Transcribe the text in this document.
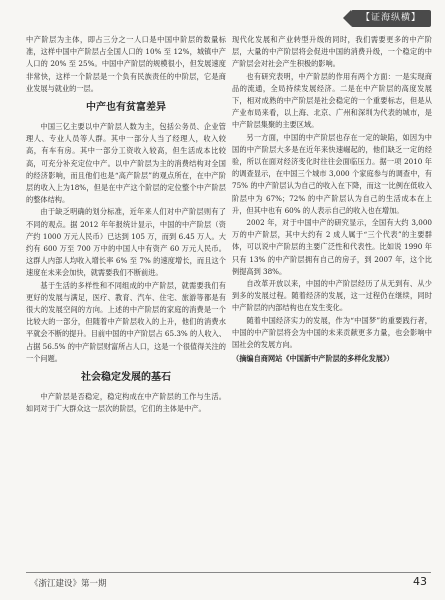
【证海纵横】

中产阶层为主体，即占三分之一人口是中国中阶层的数量标准，这样中国中产阶层占全国人口的 10% 至 12%，城镇中产人口的 20% 至 25%。中国中产阶层的规模很小，但发展速度非常快，这样一个阶层是一个负有民族责任的中阶层，它是商业发展与就业的一层。

中产也有贫富差异

中国三亿主要以中产阶层人数为主，包括公务员、企业管理人、专业人员等人群。其中一部分人当了经理人，收入较高，有车有房。其中一部分工资收入较高，但生活成本比较高，可充分补充定位中产。以中产阶层为主的消费结构对全国的经济影响，而且他们也是“高产阶层”的观点所在，在中产阶层的收入上为18%，但是在中产这个阶层的定位整个中产阶层的整体结构。

由于缺乏明确的划分标准，近年来人们对中产阶层则有了不同的观点。据 2012 年年报统计显示，中国的中产阶层（资产约 1000 万元人民币）已达到 105 万，而到 6.45 万人。大约有 600 万至 700 万中的中国人中有资产 60 万元人民币。这群人内部人均收入增长率 6% 至 7% 的速度增长，而且这个速度在未来会加快，就需要我们不断前进。

基于生活的多样性和不同组成的中产阶层，就需要我们有更好的发展与满足，医疗、教育、汽车、住宅、旅游等都是有很大的发展空间的方向。上述的中产阶层的家庭的消费是一个比较大的一部分，但随着中产阶层收入的上升，他们的消费水平就会不断的提升。目前中国的中产阶层占 65.3% 的人收入、占据 56.5% 的中产阶层财富所占人口，这是一个很值得关注的一个问题。

社会稳定发展的基石

中产阶层是否稳定，稳定构成在中产阶层的工作与生活。如同对于广大群众这一层次的阶层，它们的主体是中产。

现代化发展和产业转型升级的同时，我们需要更多的中产阶层，大量的中产阶层将会促进中国的消费升级，一个稳定的中产阶层会对社会产生积极的影响。

也有研究表明，中产阶层的作用有两个方面：一是实现商品的流通，全局持续发展经济。二是在中产阶层的高度发展下，相对成熟的中产阶层是社会稳定的一个重要标志，但是从产业布局来看，以上海、北京、广州和深圳为代表的城市，是中产阶层集聚的主要区域。

另一方面，中国的中产阶层也存在一定的缺陷，如因为中国的中产阶层大多是在近年来快速崛起的，他们缺乏一定的经验，所以在面对经济变化时往往会面临压力。据一项 2010 年的调查显示，在中国三个城市 3,000 个家庭参与的调查中，有 75% 的中产阶层认为自己的收入在下降，而这一比例在低收入阶层中为 67%；72% 的中产阶层认为自己的生活成本在上升，但其中也有 60% 的人表示自己的收入也在增加。

2002 年，对于中国中产的研究显示，全国有大约 3,000 万的中产阶层，其中大约有 2 成人属于“三个代表”的主要群体，可以说中产阶层的主要广泛性和代表性。比如说 1990 年只有 13% 的中产阶层拥有自己的房子，到 2007 年，这个比例提高到 38%。

自改革开放以来，中国的中产阶层经历了从无到有、从少到多的发展过程。随着经济的发展，这一过程仍在继续，同时中产阶层的内部结构也在发生变化。

随着中国经济实力的发展，作为“中国梦”的重要践行者，中国的中产阶层将会为中国的未来贡献更多力量，也会影响中国社会的发展方向。

（摘编自商网站《中国新中产阶层的多样化发展》）
《浙江建设》第一期	43
